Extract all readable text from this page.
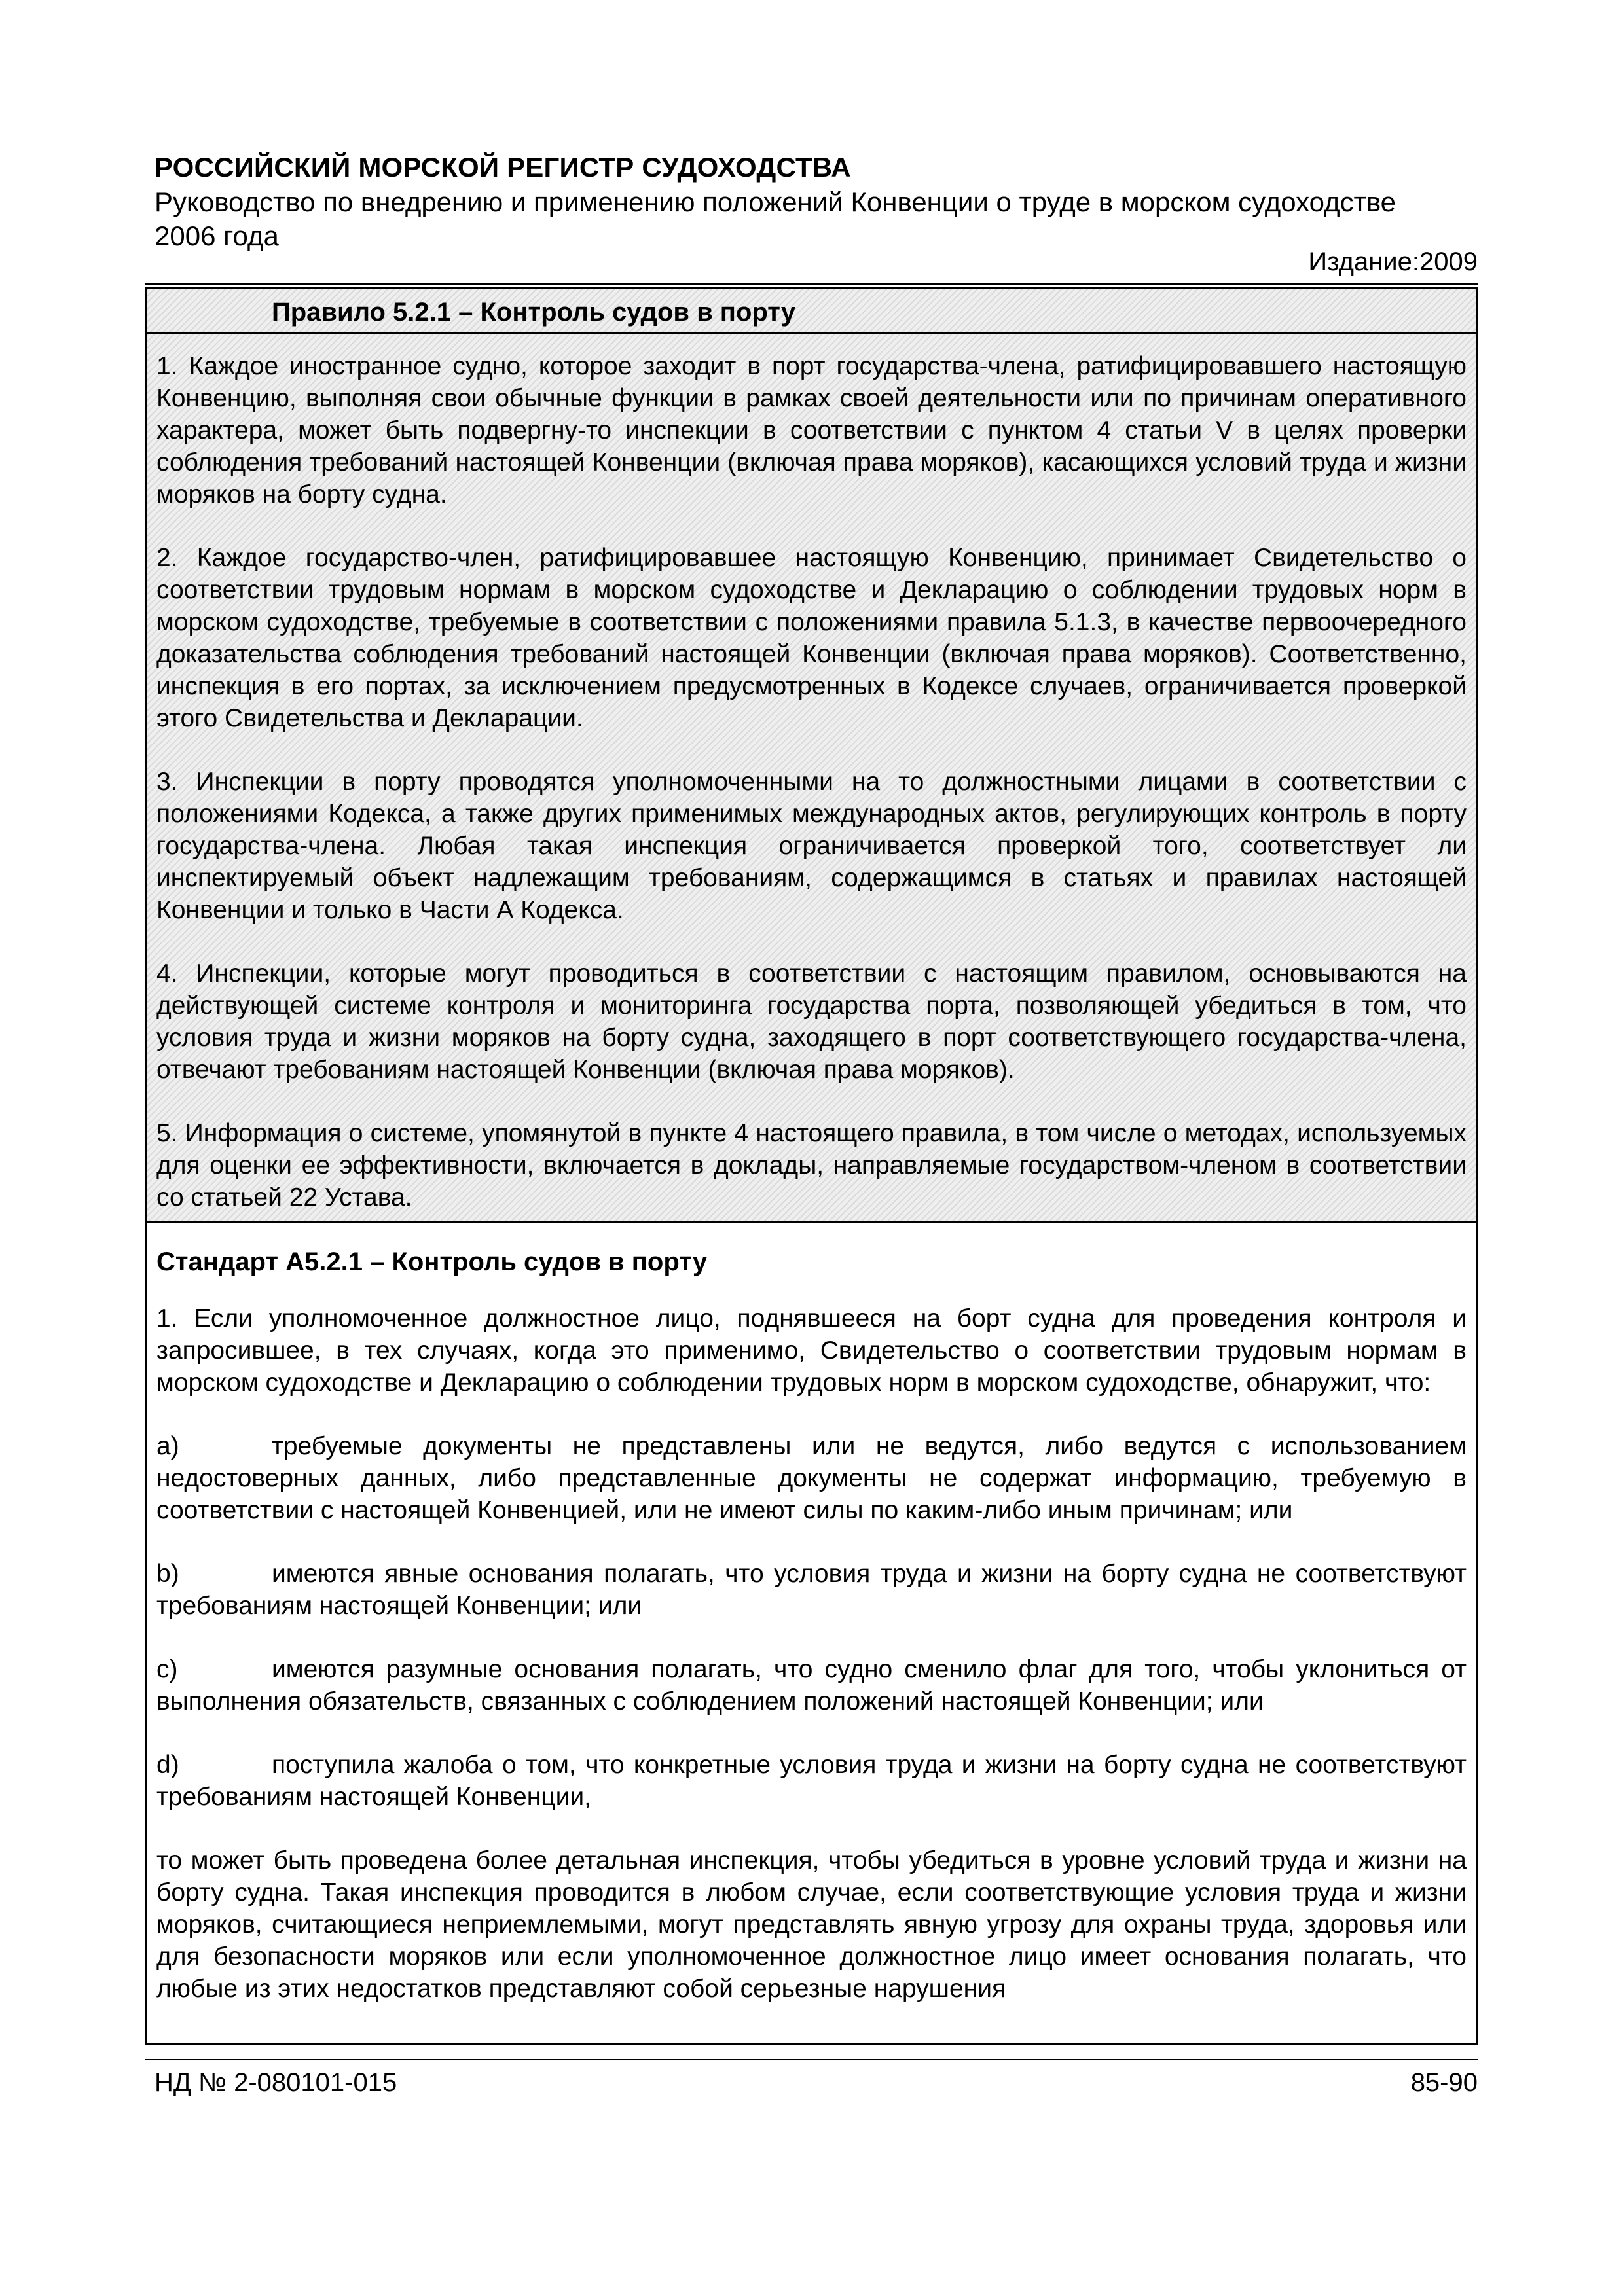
РОССИЙСКИЙ МОРСКОЙ РЕГИСТР СУДОХОДСТВА
Руководство по внедрению и применению положений Конвенции о труде в морском судоходстве 2006 года
Издание:2009
Правило 5.2.1 – Контроль судов в порту

1. Каждое иностранное судно, которое заходит в порт государства-члена, ратифицировавшего настоящую Конвенцию, выполняя свои обычные функции в рамках своей деятельности или по причинам оперативного характера, может быть подвергну-то инспекции в соответствии с пунктом 4 статьи V в целях проверки соблюдения требований настоящей Конвенции (включая права моряков), касающихся условий труда и жизни моряков на борту судна.

2. Каждое государство-член, ратифицировавшее настоящую Конвенцию, принимает Свидетельство о соответствии трудовым нормам в морском судоходстве и Декларацию о соблюдении трудовых норм в морском судоходстве, требуемые в соответствии с положениями правила 5.1.3, в качестве первоочередного доказательства соблюдения требований настоящей Конвенции (включая права моряков). Соответственно, инспекция в его портах, за исключением предусмотренных в Кодексе случаев, ограничивается проверкой этого Свидетельства и Декларации.

3. Инспекции в порту проводятся уполномоченными на то должностными лицами в соответствии с положениями Кодекса, а также других применимых международных актов, регулирующих контроль в порту государства-члена. Любая такая инспекция ограничивается проверкой того, соответствует ли инспектируемый объект надлежащим требованиям, содержащимся в статьях и правилах настоящей Конвенции и только в Части А Кодекса.

4. Инспекции, которые могут проводиться в соответствии с настоящим правилом, основываются на действующей системе контроля и мониторинга государства порта, позволяющей убедиться в том, что условия труда и жизни моряков на борту судна, заходящего в порт соответствующего государства-члена, отвечают требованиям настоящей Конвенции (включая права моряков).

5. Информация о системе, упомянутой в пункте 4 настоящего правила, в том числе о методах, используемых для оценки ее эффективности, включается в доклады, направляемые государством-членом в соответствии со статьей 22 Устава.

Стандарт А5.2.1 – Контроль судов в порту

1. Если уполномоченное должностное лицо, поднявшееся на борт судна для проведения контроля и запросившее, в тех случаях, когда это применимо, Свидетельство о соответствии трудовым нормам в морском судоходстве и Декларацию о соблюдении трудовых норм в морском судоходстве, обнаружит, что:

a)	требуемые документы не представлены или не ведутся, либо ведутся с использованием недостоверных данных, либо представленные документы не содержат информацию, требуемую в соответствии с настоящей Конвенцией, или не имеют силы по каким-либо иным причинам; или

b)	имеются явные основания полагать, что условия труда и жизни на борту судна не соответствуют требованиям настоящей Конвенции; или

c)	имеются разумные основания полагать, что судно сменило флаг для того, чтобы уклониться от выполнения обязательств, связанных с соблюдением положений настоящей Конвенции; или

d)	поступила жалоба о том, что конкретные условия труда и жизни на борту судна не соответствуют требованиям настоящей Конвенции,

то может быть проведена более детальная инспекция, чтобы убедиться в уровне условий труда и жизни на борту судна. Такая инспекция проводится в любом случае, если соответствующие условия труда и жизни моряков, считающиеся неприемлемыми, могут представлять явную угрозу для охраны труда, здоровья или для безопасности моряков или если уполномоченное должностное лицо имеет основания полагать, что любые из этих недостатков представляют собой серьезные нарушения

НД № 2-080101-015	85-90
